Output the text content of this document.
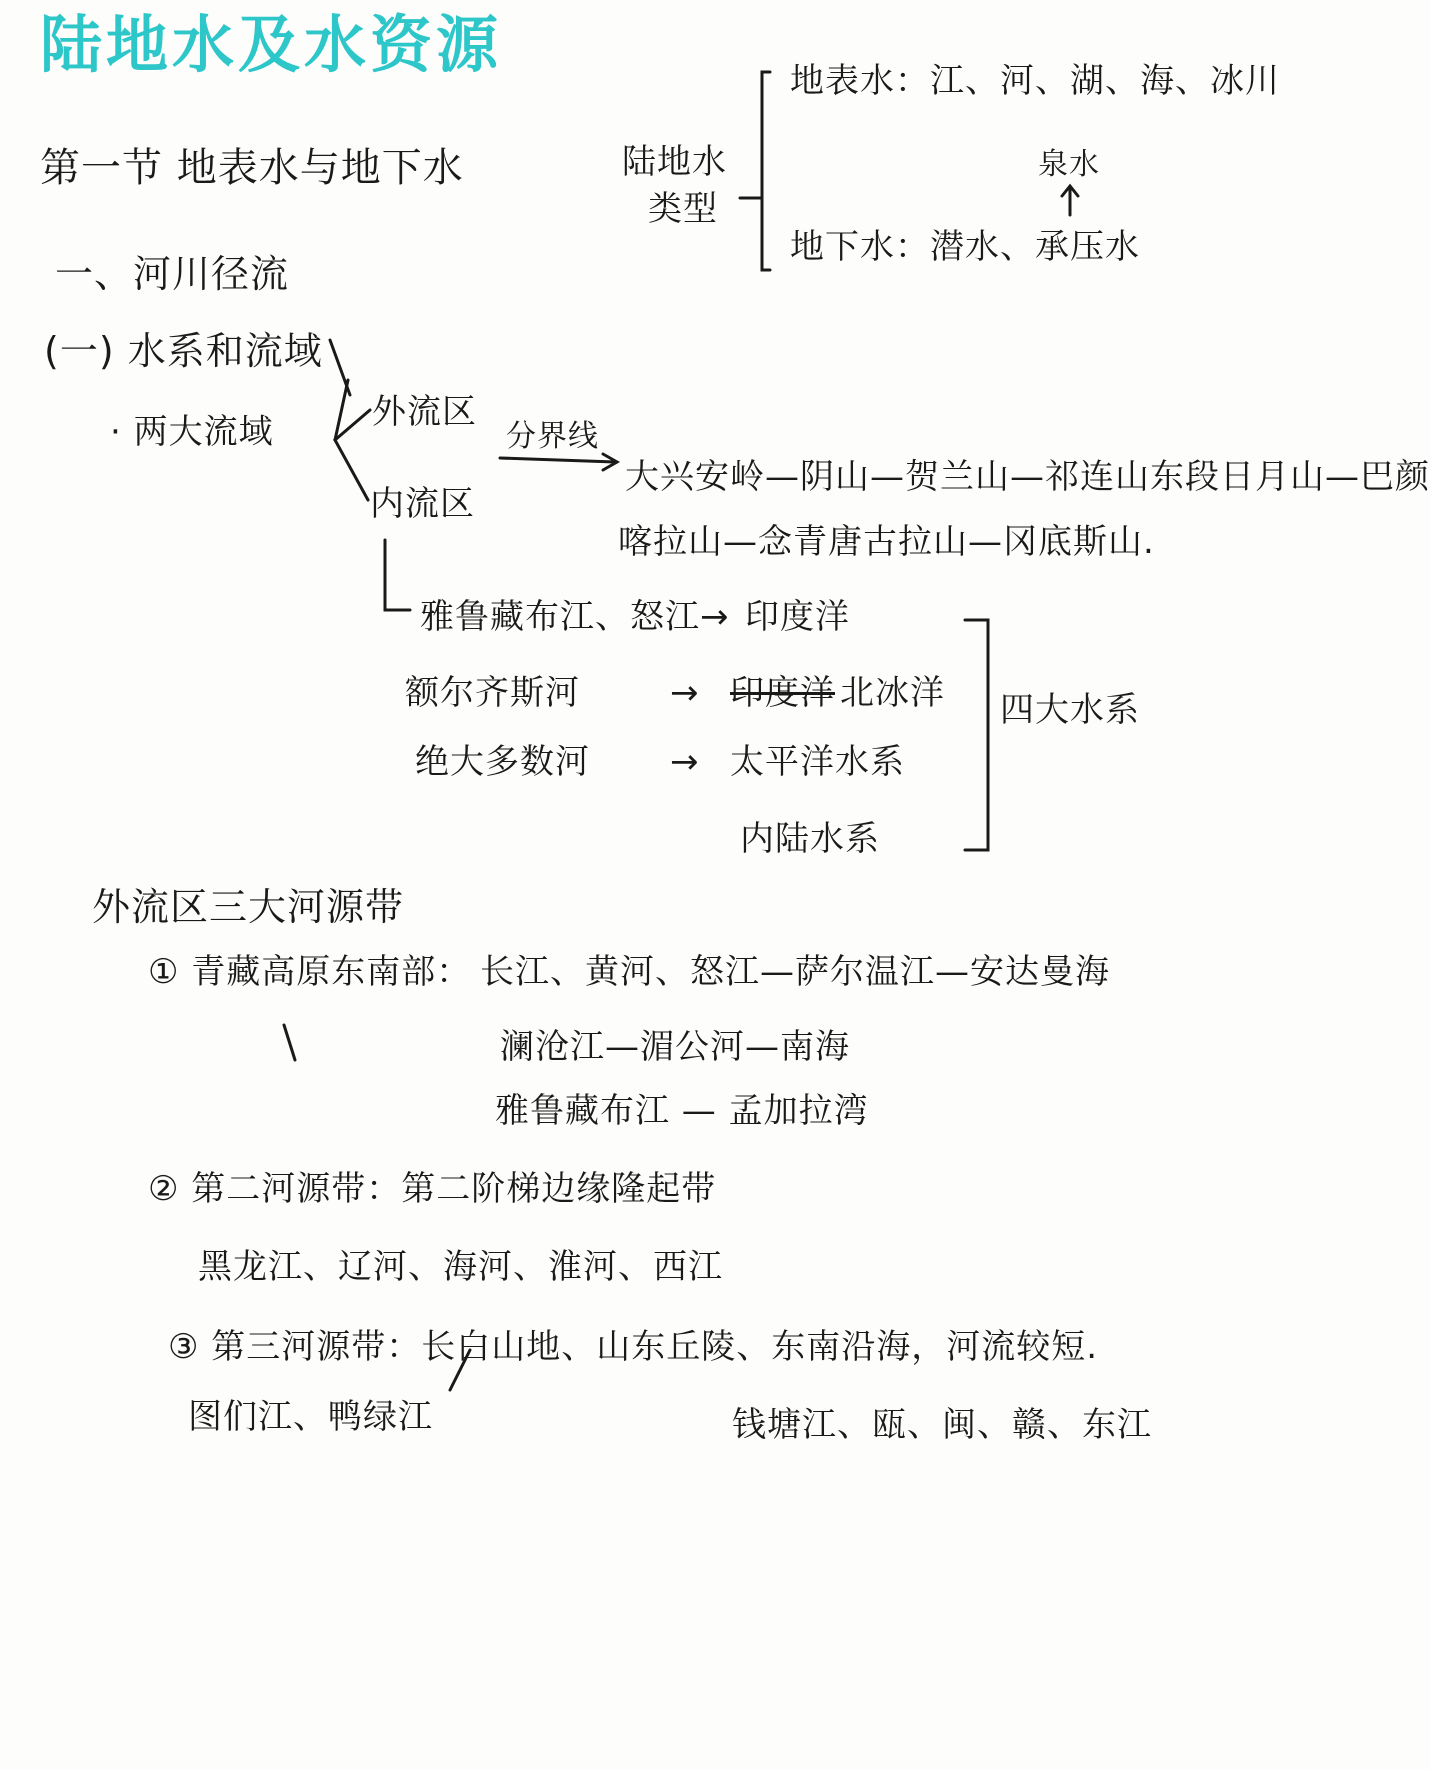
陆地水及水资源
第一节 地表水与地下水	陆地水
类型
地表水：江、河、湖、海、冰川
泉水
地下水：潜水、承压水
一、河川径流
(一) 水系和流域
· 两大流域	外流区
内流区
分界线
大兴安岭—阴山—贺兰山—祁连山东段日月山—巴颜
喀拉山—念青唐古拉山—冈底斯山.
雅鲁藏布江、怒江 → 印度洋
额尔齐斯河	→ 印度洋 北冰洋
绝大多数河 → 太平洋水系
内陆水系
四大水系
外流区三大河源带
① 青藏高原东南部： 长江、黄河、怒江—萨尔温江—安达曼海
澜沧江—湄公河—南海
雅鲁藏布江 — 孟加拉湾
② 第二河源带：第二阶梯边缘隆起带
黑龙江、辽河、海河、淮河、西江
③ 第三河源带：长白山地、山东丘陵、东南沿海，河流较短.
图们江、鸭绿江	钱塘江、瓯、闽、赣、东江
